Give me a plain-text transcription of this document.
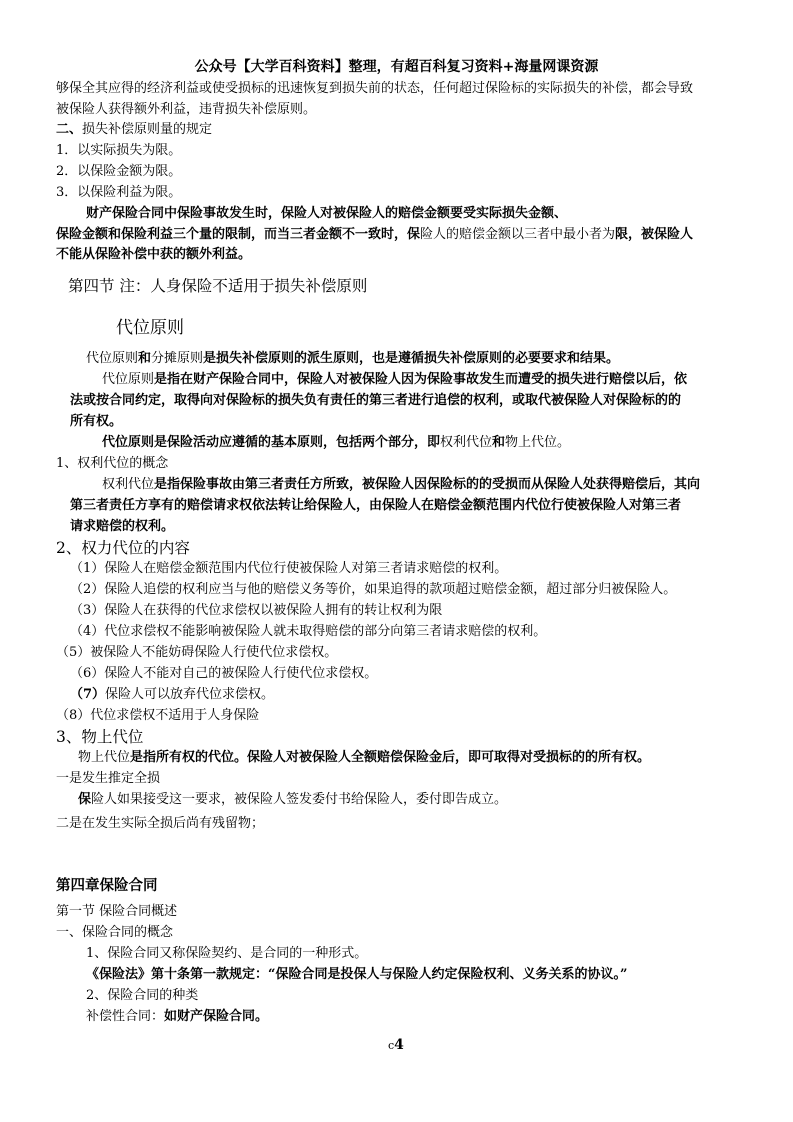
公众号【大学百科资料】整理，有超百科复习资料+海量网课资源
够保全其应得的经济利益或使受损标的迅速恢复到损失前的状态，任何超过保险标的实际损失的补偿，都会导致
被保险人获得额外利益，违背损失补偿原则。
二、损失补偿原则量的规定
1．以实际损失为限。
2．以保险金额为限。
3．以保险利益为限。
财产保险合同中保险事故发生时，保险人对被保险人的赔偿金额要受实际损失金额、
保险金额和保险利益三个量的限制，而当三者金额不一致时，保险人的赔偿金额以三者中最小者为限，被保险人
不能从保险补偿中获的额外利益。
第四节 注：人身保险不适用于损失补偿原则
代位原则
代位原则和分摊原则是损失补偿原则的派生原则，也是遵循损失补偿原则的必要要求和结果。
代位原则是指在财产保险合同中，保险人对被保险人因为保险事故发生而遭受的损失进行赔偿以后，依
法或按合同约定，取得向对保险标的损失负有责任的第三者进行追偿的权利，或取代被保险人对保险标的的
所有权。
代位原则是保险活动应遵循的基本原则，包括两个部分，即权利代位和物上代位。
1、权利代位的概念
权利代位是指保险事故由第三者责任方所致，被保险人因保险标的的受损而从保险人处获得赔偿后，其向
第三者责任方享有的赔偿请求权依法转让给保险人，由保险人在赔偿金额范围内代位行使被保险人对第三者
请求赔偿的权利。
2、权力代位的内容
（1）保险人在赔偿金额范围内代位行使被保险人对第三者请求赔偿的权利。
（2）保险人追偿的权利应当与他的赔偿义务等价，如果追得的款项超过赔偿金额，超过部分归被保险人。
（3）保险人在获得的代位求偿权以被保险人拥有的转让权利为限
（4）代位求偿权不能影响被保险人就未取得赔偿的部分向第三者请求赔偿的权利。
（5）被保险人不能妨碍保险人行使代位求偿权。
（6）保险人不能对自己的被保险人行使代位求偿权。
（7）保险人可以放弃代位求偿权。
（8）代位求偿权不适用于人身保险
3、物上代位
物上代位是指所有权的代位。保险人对被保险人全额赔偿保险金后，即可取得对受损标的的所有权。
一是发生推定全损
保险人如果接受这一要求，被保险人签发委付书给保险人，委付即告成立。
二是在发生实际全损后尚有残留物；
第四章保险合同
第一节 保险合同概述
一、保险合同的概念
1、保险合同又称保险契约、是合同的一种形式。
《保险法》第十条第一款规定：“保险合同是投保人与保险人约定保险权利、义务关系的协议。”
2、保险合同的种类
补偿性合同：如财产保险合同。
c4
